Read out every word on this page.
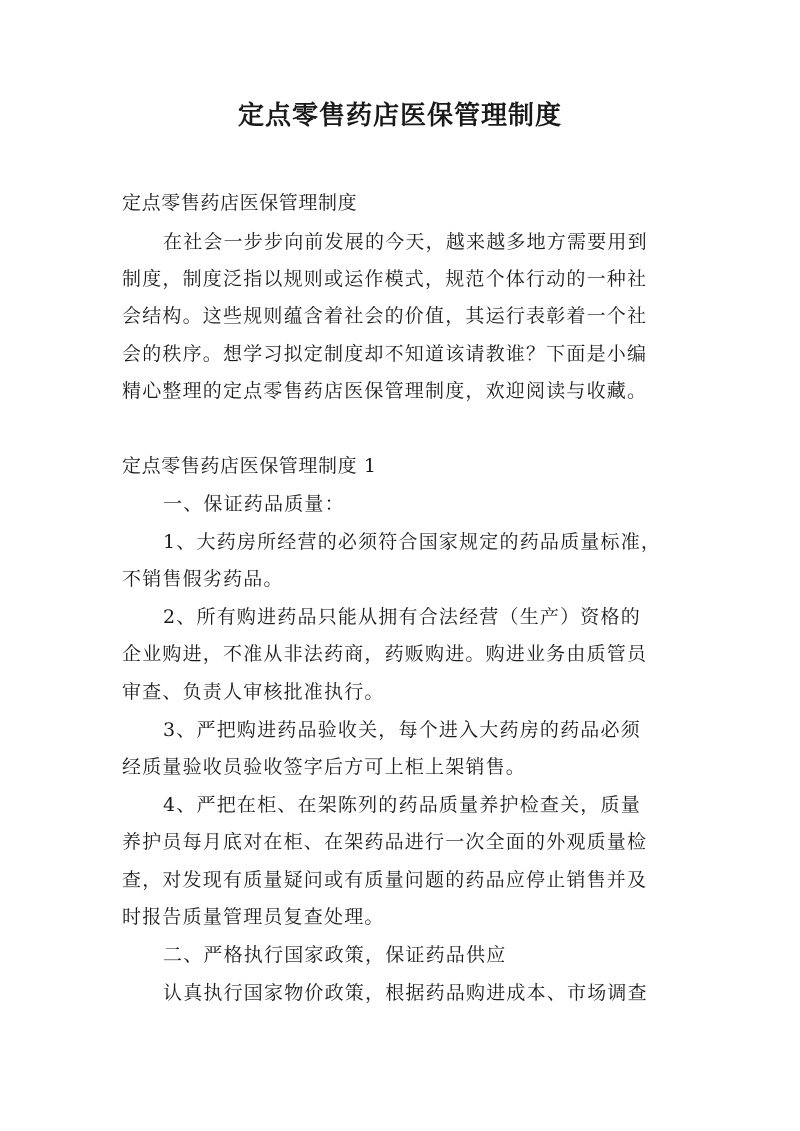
定点零售药店医保管理制度
定点零售药店医保管理制度
在社会一步步向前发展的今天，越来越多地方需要用到
制度，制度泛指以规则或运作模式，规范个体行动的一种社
会结构。这些规则蕴含着社会的价值，其运行表彰着一个社
会的秩序。想学习拟定制度却不知道该请教谁？下面是小编
精心整理的定点零售药店医保管理制度，欢迎阅读与收藏。
定点零售药店医保管理制度 1
一、保证药品质量：
1、大药房所经营的必须符合国家规定的药品质量标准，
不销售假劣药品。
2、所有购进药品只能从拥有合法经营（生产）资格的
企业购进，不准从非法药商，药贩购进。购进业务由质管员
审查、负责人审核批准执行。
3、严把购进药品验收关，每个进入大药房的药品必须
经质量验收员验收签字后方可上柜上架销售。
4、严把在柜、在架陈列的药品质量养护检查关，质量
养护员每月底对在柜、在架药品进行一次全面的外观质量检
查，对发现有质量疑问或有质量问题的药品应停止销售并及
时报告质量管理员复查处理。
二、严格执行国家政策，保证药品供应
认真执行国家物价政策，根据药品购进成本、市场调查
